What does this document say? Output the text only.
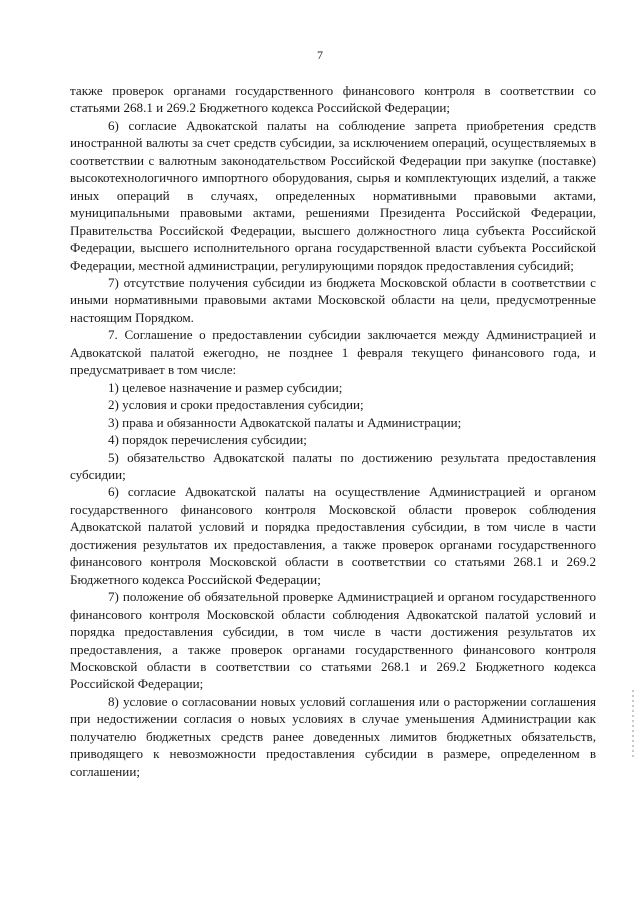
7

также проверок органами государственного финансового контроля в соответствии со статьями 268.1 и 269.2 Бюджетного кодекса Российской Федерации;

6) согласие Адвокатской палаты на соблюдение запрета приобретения средств иностранной валюты за счет средств субсидии, за исключением операций, осуществляемых в соответствии с валютным законодательством Российской Федерации при закупке (поставке) высокотехнологичного импортного оборудования, сырья и комплектующих изделий, а также иных операций в случаях, определенных нормативными правовыми актами, муниципальными правовыми актами, решениями Президента Российской Федерации, Правительства Российской Федерации, высшего должностного лица субъекта Российской Федерации, высшего исполнительного органа государственной власти субъекта Российской Федерации, местной администрации, регулирующими порядок предоставления субсидий;

7) отсутствие получения субсидии из бюджета Московской области в соответствии с иными нормативными правовыми актами Московской области на цели, предусмотренные настоящим Порядком.

7. Соглашение о предоставлении субсидии заключается между Администрацией и Адвокатской палатой ежегодно, не позднее 1 февраля текущего финансового года, и предусматривает в том числе:

1) целевое назначение и размер субсидии;

2) условия и сроки предоставления субсидии;

3) права и обязанности Адвокатской палаты и Администрации;

4) порядок перечисления субсидии;

5) обязательство Адвокатской палаты по достижению результата предоставления субсидии;

6) согласие Адвокатской палаты на осуществление Администрацией и органом государственного финансового контроля Московской области проверок соблюдения Адвокатской палатой условий и порядка предоставления субсидии, в том числе в части достижения результатов их предоставления, а также проверок органами государственного финансового контроля Московской области в соответствии со статьями 268.1 и 269.2 Бюджетного кодекса Российской Федерации;

7) положение об обязательной проверке Администрацией и органом государственного финансового контроля Московской области соблюдения Адвокатской палатой условий и порядка предоставления субсидии, в том числе в части достижения результатов их предоставления, а также проверок органами государственного финансового контроля Московской области в соответствии со статьями 268.1 и 269.2 Бюджетного кодекса Российской Федерации;

8) условие о согласовании новых условий соглашения или о расторжении соглашения при недостижении согласия о новых условиях в случае уменьшения Администрации как получателю бюджетных средств ранее доведенных лимитов бюджетных обязательств, приводящего к невозможности предоставления субсидии в размере, определенном в соглашении;
